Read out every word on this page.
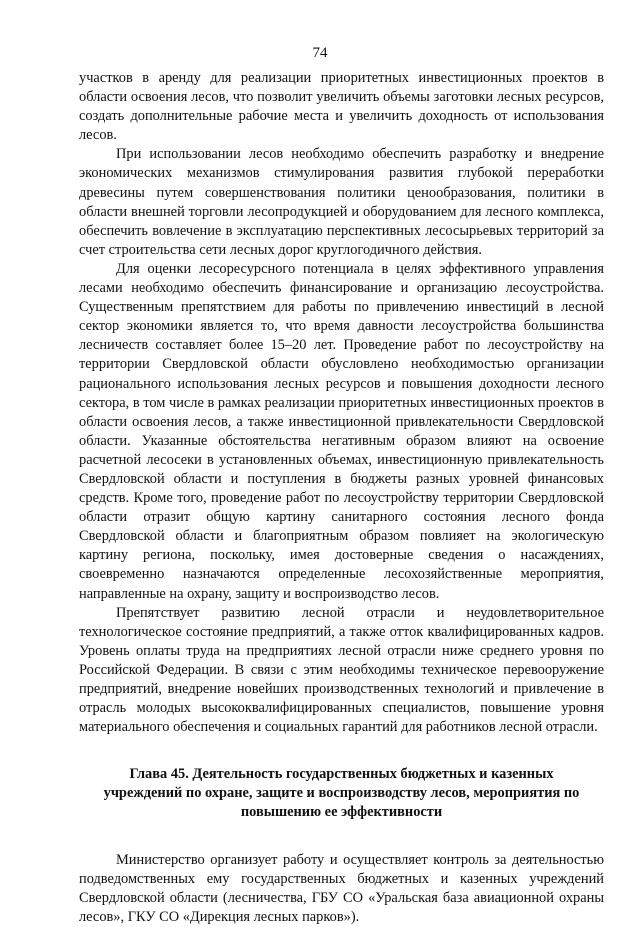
74

участков в аренду для реализации приоритетных инвестиционных проектов в области освоения лесов, что позволит увеличить объемы заготовки лесных ресурсов, создать дополнительные рабочие места и увеличить доходность от использования лесов.

При использовании лесов необходимо обеспечить разработку и внедрение экономических механизмов стимулирования развития глубокой переработки древесины путем совершенствования политики ценообразования, политики в области внешней торговли лесопродукцией и оборудованием для лесного комплекса, обеспечить вовлечение в эксплуатацию перспективных лесосырьевых территорий за счет строительства сети лесных дорог круглогодичного действия.

Для оценки лесоресурсного потенциала в целях эффективного управления лесами необходимо обеспечить финансирование и организацию лесоустройства. Существенным препятствием для работы по привлечению инвестиций в лесной сектор экономики является то, что время давности лесоустройства большинства лесничеств составляет более 15–20 лет. Проведение работ по лесоустройству на территории Свердловской области обусловлено необходимостью организации рационального использования лесных ресурсов и повышения доходности лесного сектора, в том числе в рамках реализации приоритетных инвестиционных проектов в области освоения лесов, а также инвестиционной привлекательности Свердловской области. Указанные обстоятельства негативным образом влияют на освоение расчетной лесосеки в установленных объемах, инвестиционную привлекательность Свердловской области и поступления в бюджеты разных уровней финансовых средств. Кроме того, проведение работ по лесоустройству территории Свердловской области отразит общую картину санитарного состояния лесного фонда Свердловской области и благоприятным образом повлияет на экологическую картину региона, поскольку, имея достоверные сведения о насаждениях, своевременно назначаются определенные лесохозяйственные мероприятия, направленные на охрану, защиту и воспроизводство лесов.

Препятствует развитию лесной отрасли и неудовлетворительное технологическое состояние предприятий, а также отток квалифицированных кадров. Уровень оплаты труда на предприятиях лесной отрасли ниже среднего уровня по Российской Федерации. В связи с этим необходимы техническое перевооружение предприятий, внедрение новейших производственных технологий и привлечение в отрасль молодых высококвалифицированных специалистов, повышение уровня материального обеспечения и социальных гарантий для работников лесной отрасли.

Глава 45. Деятельность государственных бюджетных и казенных учреждений по охране, защите и воспроизводству лесов, мероприятия по повышению ее эффективности

Министерство организует работу и осуществляет контроль за деятельностью подведомственных ему государственных бюджетных и казенных учреждений Свердловской области (лесничества, ГБУ СО «Уральская база авиационной охраны лесов», ГКУ СО «Дирекция лесных парков»).
